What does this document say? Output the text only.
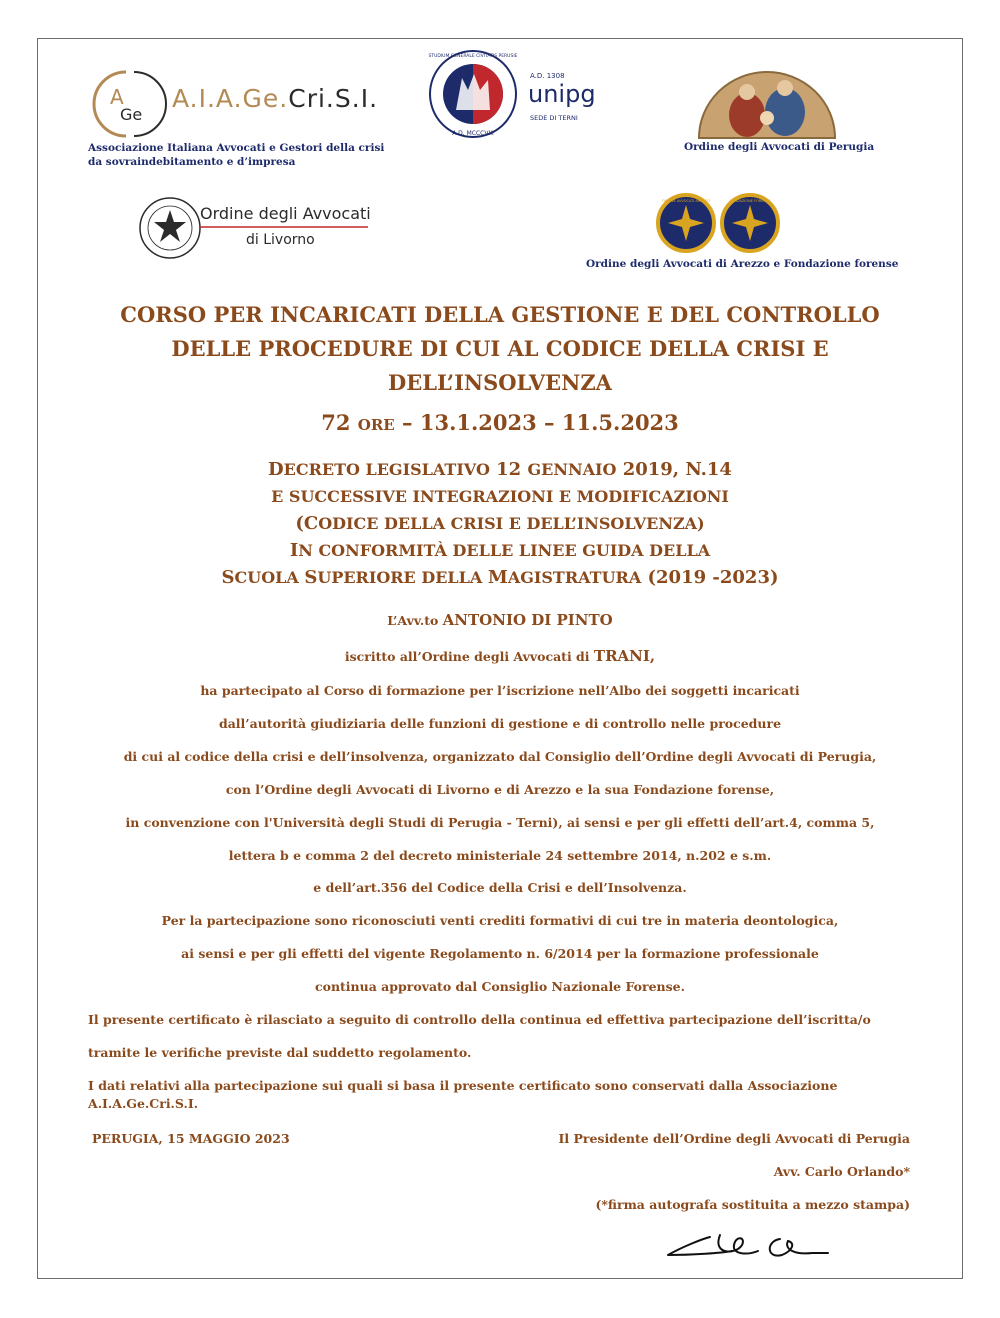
A
Ge
A.I.A.Ge.Cri.S.I.
Associazione Italiana Avvocati e Gestori della crisi
da sovraindebitamento e d’impresa
STUDIUM GENERALE CIVITATIS PERUSIE
A.D. MCCCVIII
A.D. 1308
unipg
SEDE DI TERNI
Ordine degli Avvocati di Perugia
Ordine degli Avvocati
di Livorno
ORDINE AVVOCATI AREZZO	FONDAZIONE FORENSE
Ordine degli Avvocati di Arezzo e Fondazione forense
CORSO PER INCARICATI DELLA GESTIONE E DEL CONTROLLO
DELLE PROCEDURE DI CUI AL CODICE DELLA CRISI E
DELL’INSOLVENZA
72 ORE – 13.1.2023 – 11.5.2023
DECRETO LEGISLATIVO 12 GENNAIO 2019, N.14
E SUCCESSIVE INTEGRAZIONI E MODIFICAZIONI
(CODICE DELLA CRISI E DELL’INSOLVENZA)
IN CONFORMITÀ DELLE LINEE GUIDA DELLA
SCUOLA SUPERIORE DELLA MAGISTRATURA (2019 -2023)
L’Avv.to ANTONIO DI PINTO
iscritto all’Ordine degli Avvocati di TRANI,
ha partecipato al Corso di formazione per l’iscrizione nell’Albo dei soggetti incaricati
dall’autorità giudiziaria delle funzioni di gestione e di controllo nelle procedure
di cui al codice della crisi e dell’insolvenza, organizzato dal Consiglio dell’Ordine degli Avvocati di Perugia,
con l’Ordine degli Avvocati di Livorno e di Arezzo e la sua Fondazione forense,
in convenzione con l'Università degli Studi di Perugia - Terni), ai sensi e per gli effetti dell’art.4, comma 5,
lettera b e comma 2 del decreto ministeriale 24 settembre 2014, n.202 e s.m.
e dell’art.356 del Codice della Crisi e dell’Insolvenza.
Per la partecipazione sono riconosciuti venti crediti formativi di cui tre in materia deontologica,
ai sensi e per gli effetti del vigente Regolamento n. 6/2014 per la formazione professionale
continua approvato dal Consiglio Nazionale Forense.
Il presente certificato è rilasciato a seguito di controllo della continua ed effettiva partecipazione dell’iscritta/o
tramite le verifiche previste dal suddetto regolamento.
I dati relativi alla partecipazione sui quali si basa il presente certificato sono conservati dalla Associazione
A.I.A.Ge.Cri.S.I.
PERUGIA, 15 MAGGIO 2023	Il Presidente dell’Ordine degli Avvocati di Perugia
Avv. Carlo Orlando*
(*firma autografa sostituita a mezzo stampa)
